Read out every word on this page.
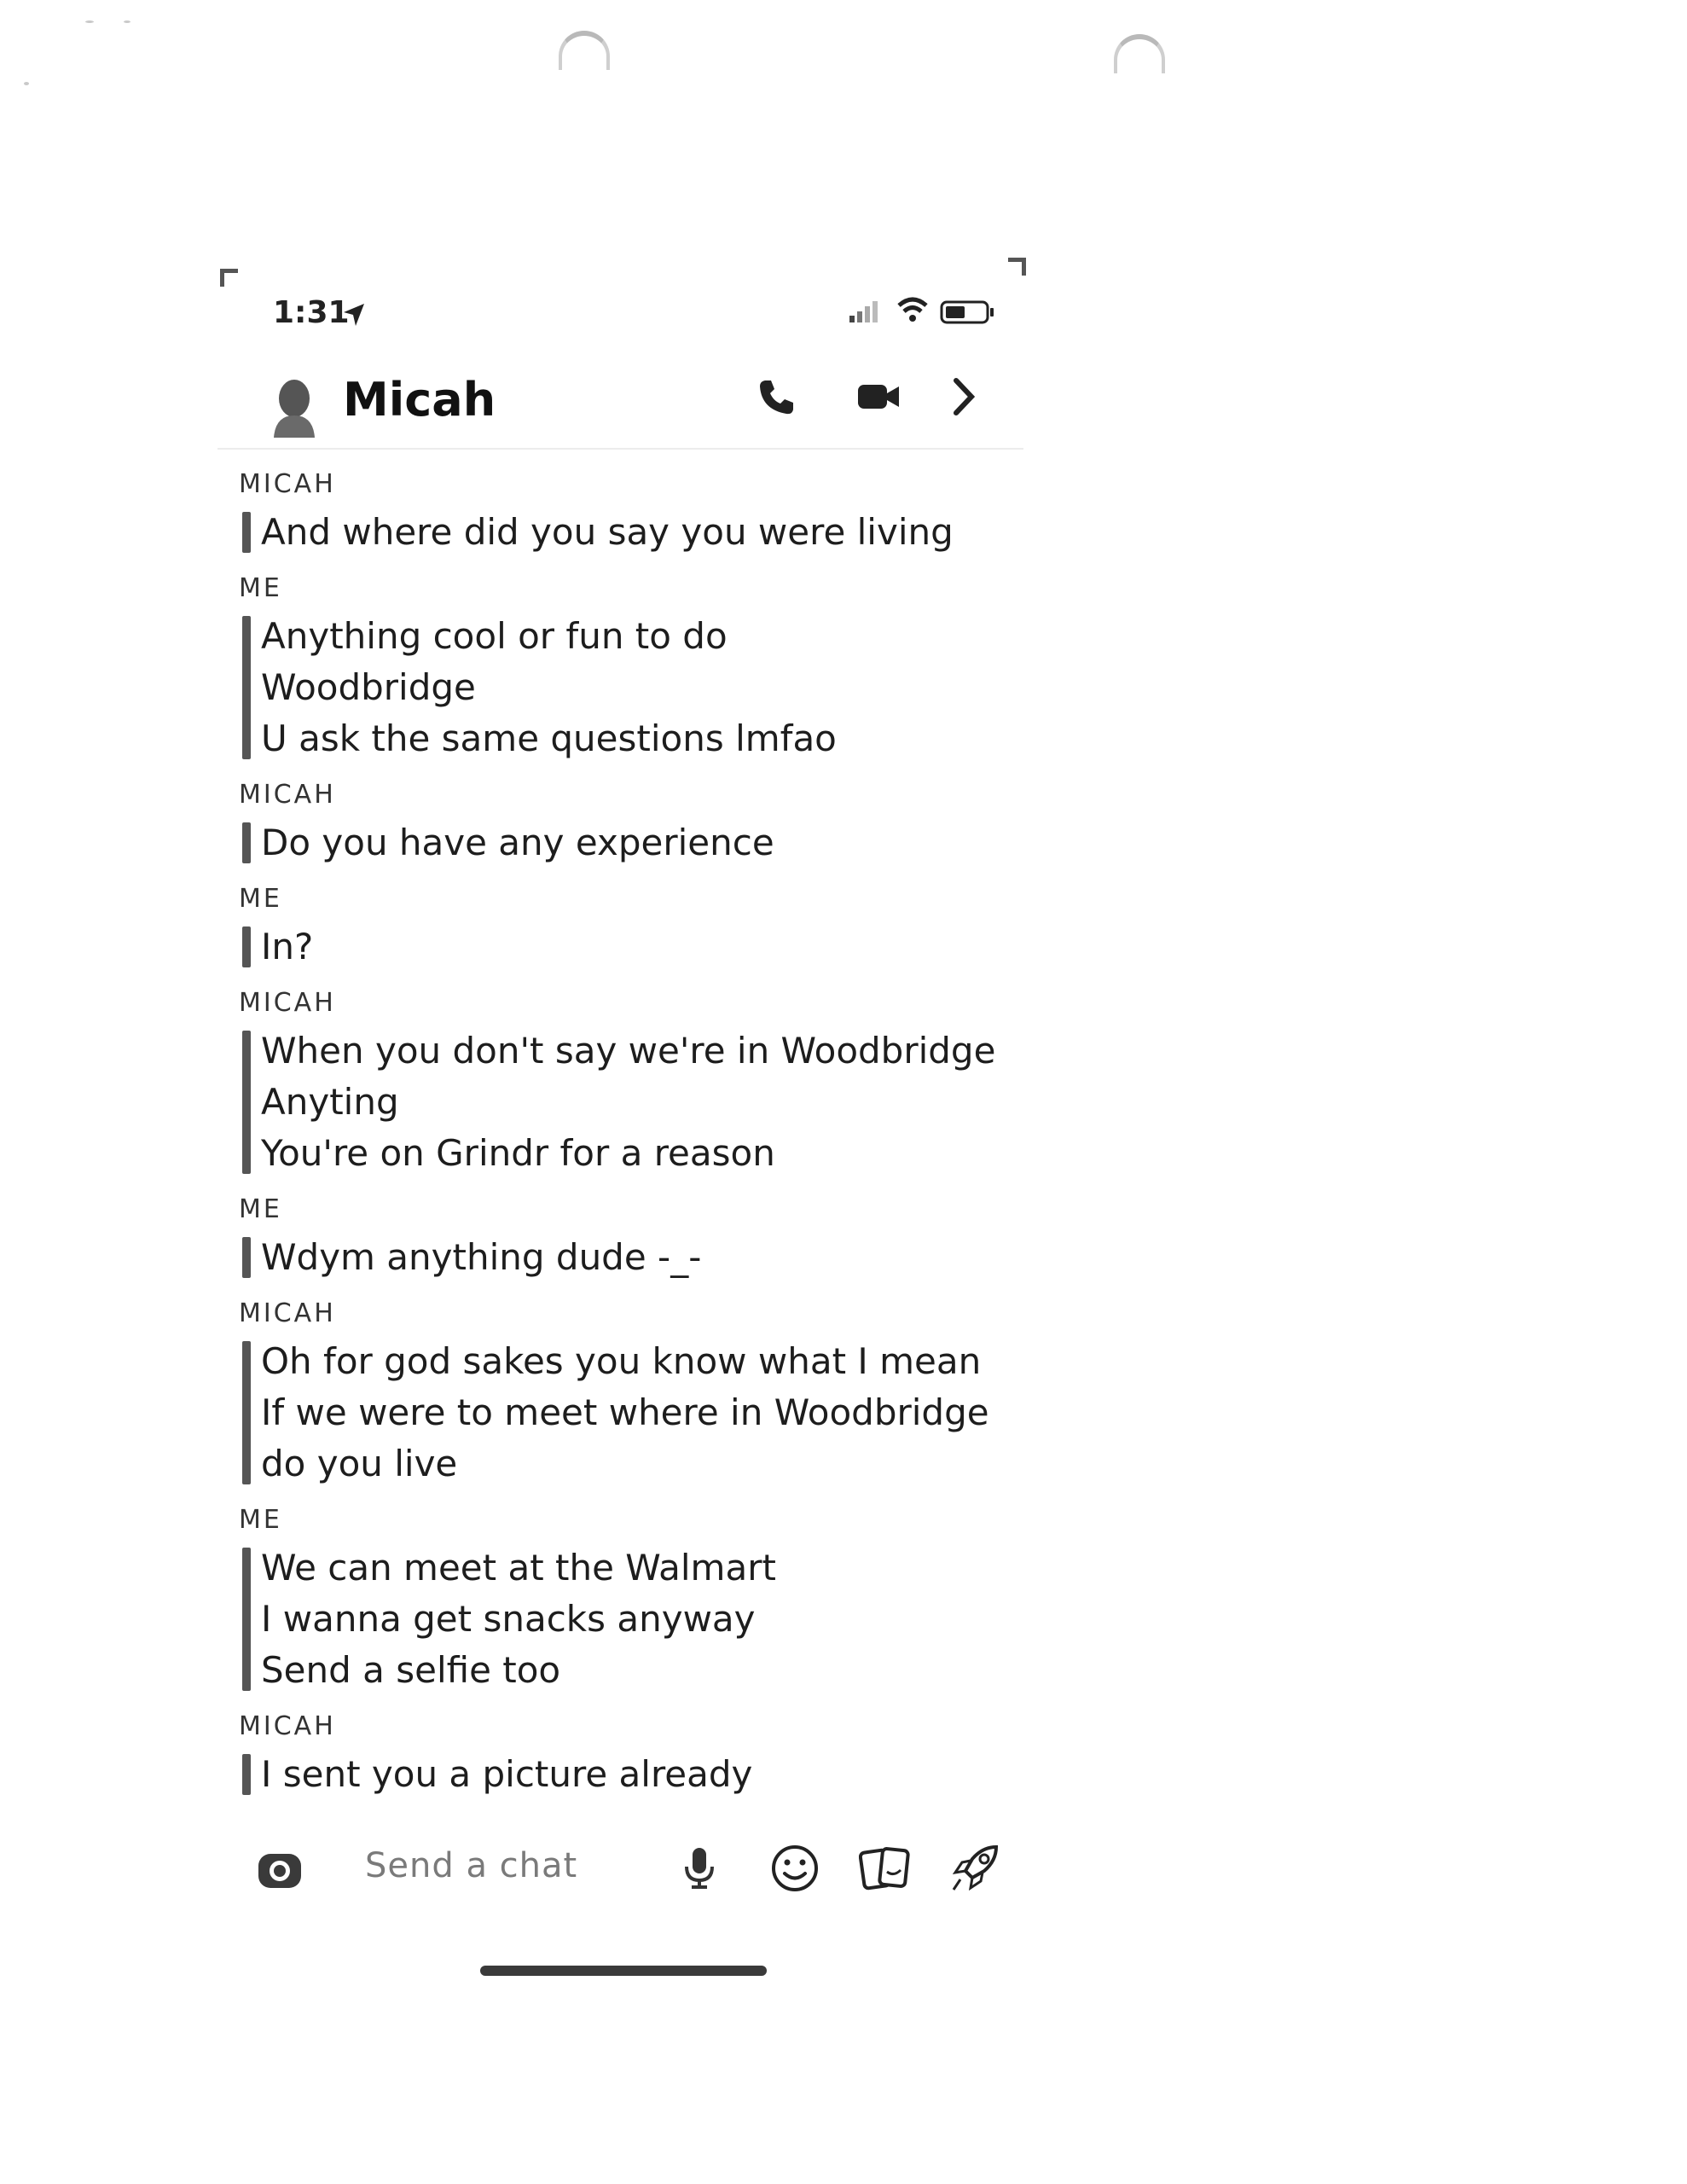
1:31
Micah
MICAH
And where did you say you were living
ME
Anything cool or fun to do
Woodbridge
U ask the same questions lmfao
MICAH
Do you have any experience
ME
In?
MICAH
When you don't say we're in Woodbridge
Anyting
You're on Grindr for a reason
ME
Wdym anything dude -_-
MICAH
Oh for god sakes you know what I mean
If we were to meet where in Woodbridge
do you live
ME
We can meet at the Walmart
I wanna get snacks anyway
Send a selfie too
MICAH
I sent you a picture already
Send a chat
